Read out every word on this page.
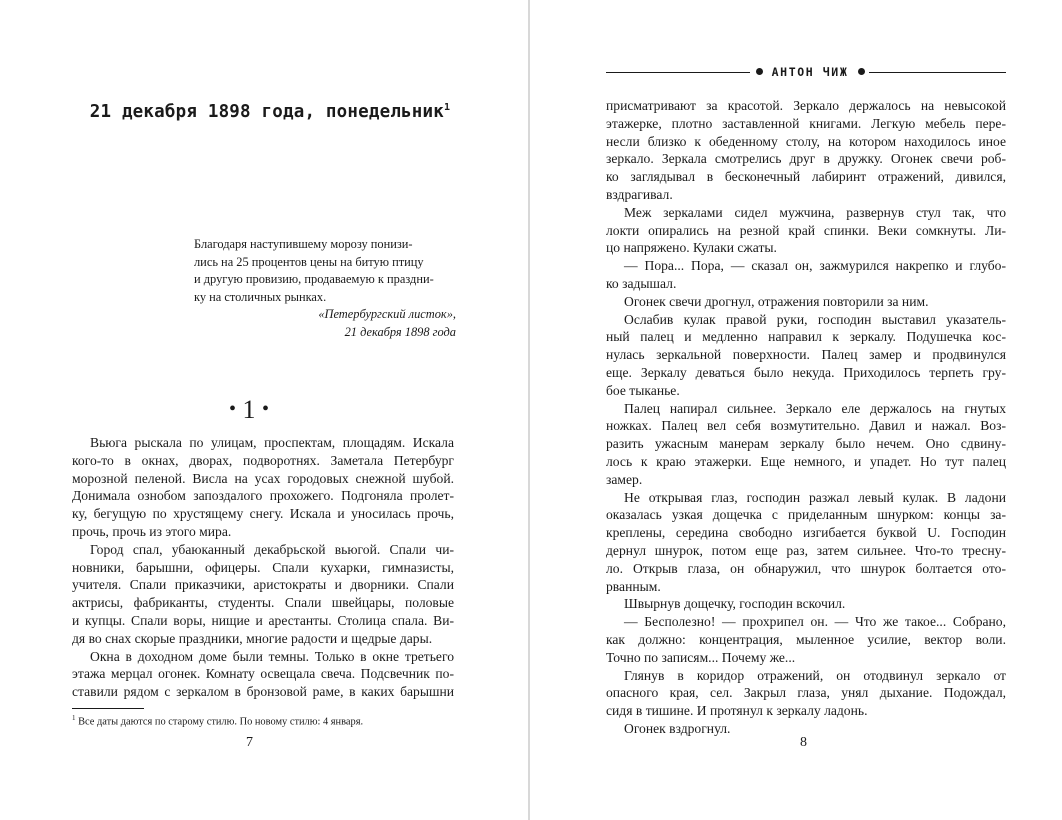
21 декабря 1898 года, понедельник$^1$
Благодаря наступившему морозу понизи-
лись на 25 процентов цены на битую птицу
и другую провизию, продаваемую к праздни-
ку на столичных рынках.
«Петербургский листок»,
21 декабря 1898 года
• 1 •
Вьюга рыскала по улицам, проспектам, площадям. Искала
кого-то в окнах, дворах, подворотнях. Заметала Петербург
морозной пеленой. Висла на усах городовых снежной шубой.
Донимала ознобом запоздалого прохожего. Подгоняла пролет-
ку, бегущую по хрустящему снегу. Искала и уносилась прочь,
прочь, прочь из этого мира.
Город спал, убаюканный декабрьской вьюгой. Спали чи-
новники, барышни, офицеры. Спали кухарки, гимназисты,
учителя. Спали приказчики, аристократы и дворники. Спали
актрисы, фабриканты, студенты. Спали швейцары, половые
и купцы. Спали воры, нищие и арестанты. Столица спала. Ви-
дя во снах скорые праздники, многие радости и щедрые дары.
Окна в доходном доме были темны. Только в окне третьего
этажа мерцал огонек. Комнату освещала свеча. Подсвечник по-
ставили рядом с зеркалом в бронзовой раме, в каких барышни
$^1$ Все даты даются по старому стилю. По новому стилю: 4 января.
7
АНТОН ЧИЖ
присматривают за красотой. Зеркало держалось на невысокой
этажерке, плотно заставленной книгами. Легкую мебель пере-
несли близко к обеденному столу, на котором находилось иное
зеркало. Зеркала смотрелись друг в дружку. Огонек свечи роб-
ко заглядывал в бесконечный лабиринт отражений, дивился,
вздрагивал.
Меж зеркалами сидел мужчина, развернув стул так, что
локти опирались на резной край спинки. Веки сомкнуты. Ли-
цо напряжено. Кулаки сжаты.
— Пора... Пора, — сказал он, зажмурился накрепко и глубо-
ко задышал.
Огонек свечи дрогнул, отражения повторили за ним.
Ослабив кулак правой руки, господин выставил указатель-
ный палец и медленно направил к зеркалу. Подушечка кос-
нулась зеркальной поверхности. Палец замер и продвинулся
еще. Зеркалу деваться было некуда. Приходилось терпеть гру-
бое тыканье.
Палец напирал сильнее. Зеркало еле держалось на гнутых
ножках. Палец вел себя возмутительно. Давил и нажал. Воз-
разить ужасным манерам зеркалу было нечем. Оно сдвину-
лось к краю этажерки. Еще немного, и упадет. Но тут палец
замер.
Не открывая глаз, господин разжал левый кулак. В ладони
оказалась узкая дощечка с приделанным шнурком: концы за-
креплены, середина свободно изгибается буквой U. Господин
дернул шнурок, потом еще раз, затем сильнее. Что-то треснy-
ло. Открыв глаза, он обнаружил, что шнурок болтается ото-
рванным.
Швырнув дощечку, господин вскочил.
— Бесполезно! — прохрипел он. — Что же такое... Собрано,
как должно: концентрация, мыленное усилие, вектор воли.
Точно по записям... Почему же...
Глянув в коридор отражений, он отодвинул зеркало от
опасного края, сел. Закрыл глаза, унял дыхание. Подождал,
сидя в тишине. И протянул к зеркалу ладонь.
Огонек вздрогнул.
8
